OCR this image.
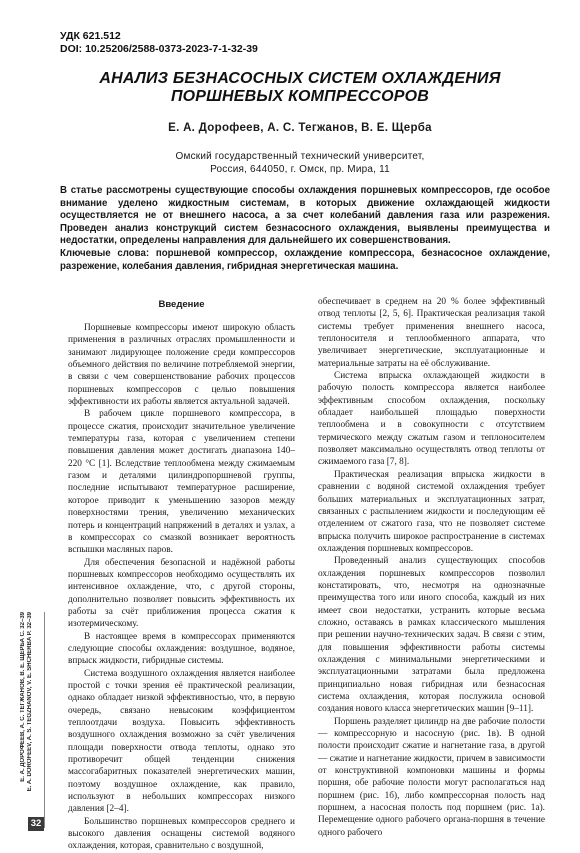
УДК 621.512
DOI: 10.25206/2588-0373-2023-7-1-32-39
АНАЛИЗ БЕЗНАСОСНЫХ СИСТЕМ ОХЛАЖДЕНИЯ
ПОРШНЕВЫХ КОМПРЕССОРОВ
Е. А. Дорофеев, А. С. Тегжанов, В. Е. Щерба
Омский государственный технический университет,
Россия, 644050, г. Омск, пр. Мира, 11
В статье рассмотрены существующие способы охлаждения поршневых компрессоров, где особое внимание уделено жидкостным системам, в которых движение охлаждающей жидкости осуществляется не от внешнего насоса, а за счет колебаний давления газа или разрежения. Проведен анализ конструкций систем безнасосного охлаждения, выявлены преимущества и недостатки, определены направления для дальнейшего их совершенствования.
Ключевые слова: поршневой компрессор, охлаждение компрессора, безнасосное охлаждение, разрежение, колебания давления, гибридная энергетическая машина.
Введение

Поршневые компрессоры имеют широкую область применения в различных отраслях промышленности и занимают лидирующее положение среди компрессоров объемного действия по величине потребляемой энергии, в связи с чем совершенствование рабочих процессов поршневых компрессоров с целью повышения эффективности их работы является актуальной задачей.

В рабочем цикле поршневого компрессора, в процессе сжатия, происходит значительное увеличение температуры газа, которая с увеличением степени повышения давления может достигать диапазона 140–220 °С [1]. Вследствие теплообмена между сжимаемым газом и деталями цилиндропоршневой группы, последние испытывают температурное расширение, которое приводит к уменьшению зазоров между поверхностями трения, увеличению механических потерь и концентраций напряжений в деталях и узлах, а в компрессорах со смазкой возникает вероятность вспышки масляных паров.

Для обеспечения безопасной и надёжной работы поршневых компрессоров необходимо осуществлять их интенсивное охлаждение, что, с другой стороны, дополнительно позволяет повысить эффективность их работы за счёт приближения процесса сжатия к изотермическому.

В настоящее время в компрессорах применяются следующие способы охлаждения: воздушное, водяное, впрыск жидкости, гибридные системы.

Система воздушного охлаждения является наиболее простой с точки зрения её практической реализации, однако обладает низкой эффективностью, что, в первую очередь, связано невысоким коэффициентом теплоотдачи воздуха. Повысить эффективность воздушного охлаждения возможно за счёт увеличения площади поверхности отвода теплоты, однако это противоречит общей тенденции снижения массогабаритных показателей энергетических машин, поэтому воздушное охлаждение, как правило, используют в небольших компрессорах низкого давления [2–4].

Большинство поршневых компрессоров среднего и высокого давления оснащены системой водяного охлаждения, которая, сравнительно с воздушной,

обеспечивает в среднем на 20 % более эффективный отвод теплоты [2, 5, 6]. Практическая реализация такой системы требует применения внешнего насоса, теплоносителя и теплообменного аппарата, что увеличивает энергетические, эксплуатационные и материальные затраты на её обслуживание.

Система впрыска охлаждающей жидкости в рабочую полость компрессора является наиболее эффективным способом охлаждения, поскольку обладает наибольшей площадью поверхности теплообмена и в совокупности с отсутствием термического между сжатым газом и теплоносителем позволяет максимально осуществлять отвод теплоты от сжимаемого газа [7, 8].

Практическая реализация впрыска жидкости в сравнении с водяной системой охлаждения требует больших материальных и эксплуатационных затрат, связанных с распылением жидкости и последующим её отделением от сжатого газа, что не позволяет системе впрыска получить широкое распространение в системах охлаждения поршневых компрессоров.

Проведенный анализ существующих способов охлаждения поршневых компрессоров позволил констатировать, что, несмотря на однозначные преимущества того или иного способа, каждый из них имеет свои недостатки, устранить которые весьма сложно, оставаясь в рамках классического мышления при решении научно-технических задач. В связи с этим, для повышения эффективности работы системы охлаждения с минимальными энергетическими и эксплуатационными затратами была предложена принципиально новая гибридная или безнасосная система охлаждения, которая послужила основой создания нового класса энергетических машин [9–11].

Поршень разделяет цилиндр на две рабочие полости — компрессорную и насосную (рис. 1в). В одной полости происходит сжатие и нагнетание газа, в другой — сжатие и нагнетание жидкости, причем в зависимости от конструктивной компоновки машины и формы поршня, обе рабочие полости могут располагаться над поршнем (рис. 1б), либо компрессорная полость над поршнем, а насосная полость под поршнем (рис. 1а). Перемещение одного рабочего органа-поршня в течение одного рабочего

Е. А. ДОРОФЕЕВ, А. С. ТЕГЖАНОВ, В. Е. ЩЕРБА С. 32–39 E. A. DOROFEEV, A. S. TEGZHANOV, V. E. SHCHERBA P. 32–39
32
